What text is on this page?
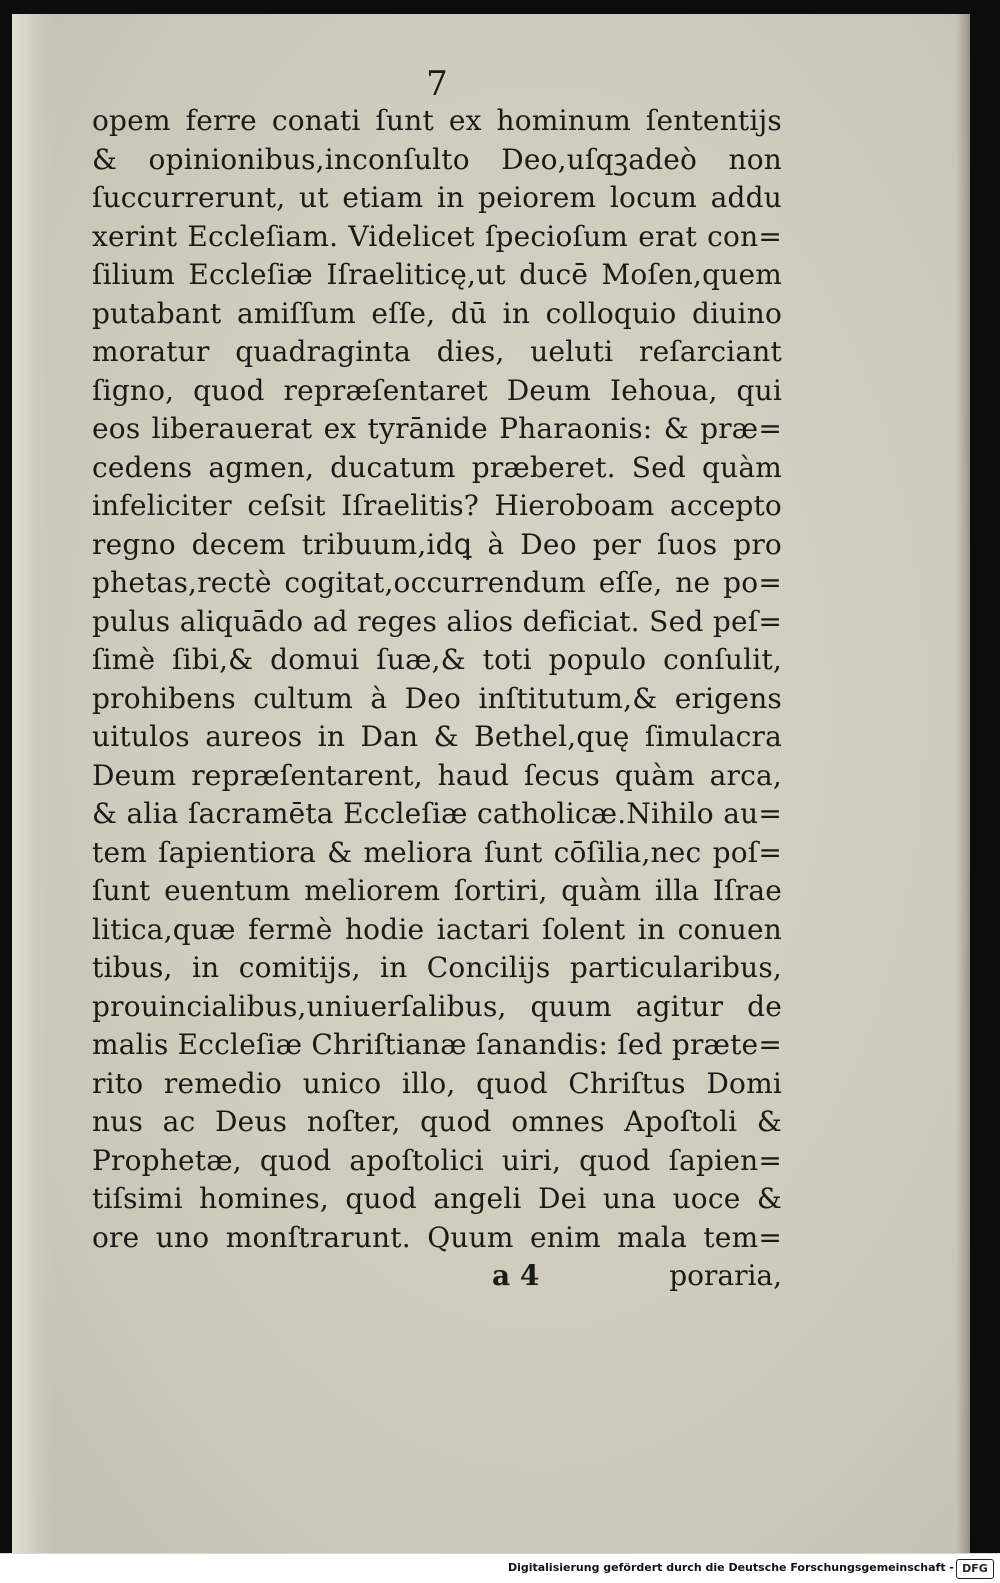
7
opem ferre conati ſunt ex hominum ſententijs
& opinionibus,inconſulto Deo,uſqꝫadeò non
ſuccurrerunt, ut etiam in peiorem locum addu
xerint Eccleſiam. Videlicet ſpecioſum erat con=
ſilium Eccleſiæ Iſraeliticę,ut ducē Moſen,quem
putabant amiſſum eſſe, dū in colloquio diuino
moratur quadraginta dies, ueluti reſarciant
ſigno, quod repræſentaret Deum Iehoua, qui
eos liberauerat ex tyrānide Pharaonis: & præ=
cedens agmen, ducatum præberet. Sed quàm
infeliciter ceſsit Iſraelitis? Hieroboam accepto
regno decem tribuum,idꝗ à Deo per ſuos pro
phetas,rectè cogitat,occurrendum eſſe, ne po=
pulus aliquādo ad reges alios deficiat. Sed peſ=
ſimè ſibi,& domui ſuæ,& toti populo conſulit,
prohibens cultum à Deo inſtitutum,& erigens
uitulos aureos in Dan & Bethel,quę ſimulacra
Deum repræſentarent, haud ſecus quàm arca,
& alia ſacramēta Eccleſiæ catholicæ.Nihilo au=
tem ſapientiora & meliora ſunt cōſilia,nec poſ=
ſunt euentum meliorem ſortiri, quàm illa Iſrae
litica,quæ fermè hodie iactari ſolent in conuen
tibus, in comitijs, in Concilijs particularibus,
prouincialibus,uniuerſalibus, quum agitur de
malis Eccleſiæ Chriſtianæ ſanandis: ſed præte=
rito remedio unico illo, quod Chriſtus Domi
nus ac Deus noſter, quod omnes Apoſtoli &
Prophetæ, quod apoſtolici uiri, quod ſapien=
tiſsimi homines, quod angeli Dei una uoce &
ore uno monſtrarunt. Quum enim mala tem=
a 4	poraria,
Digitalisierung gefördert durch die Deutsche Forschungsgemeinschaft - DFG
